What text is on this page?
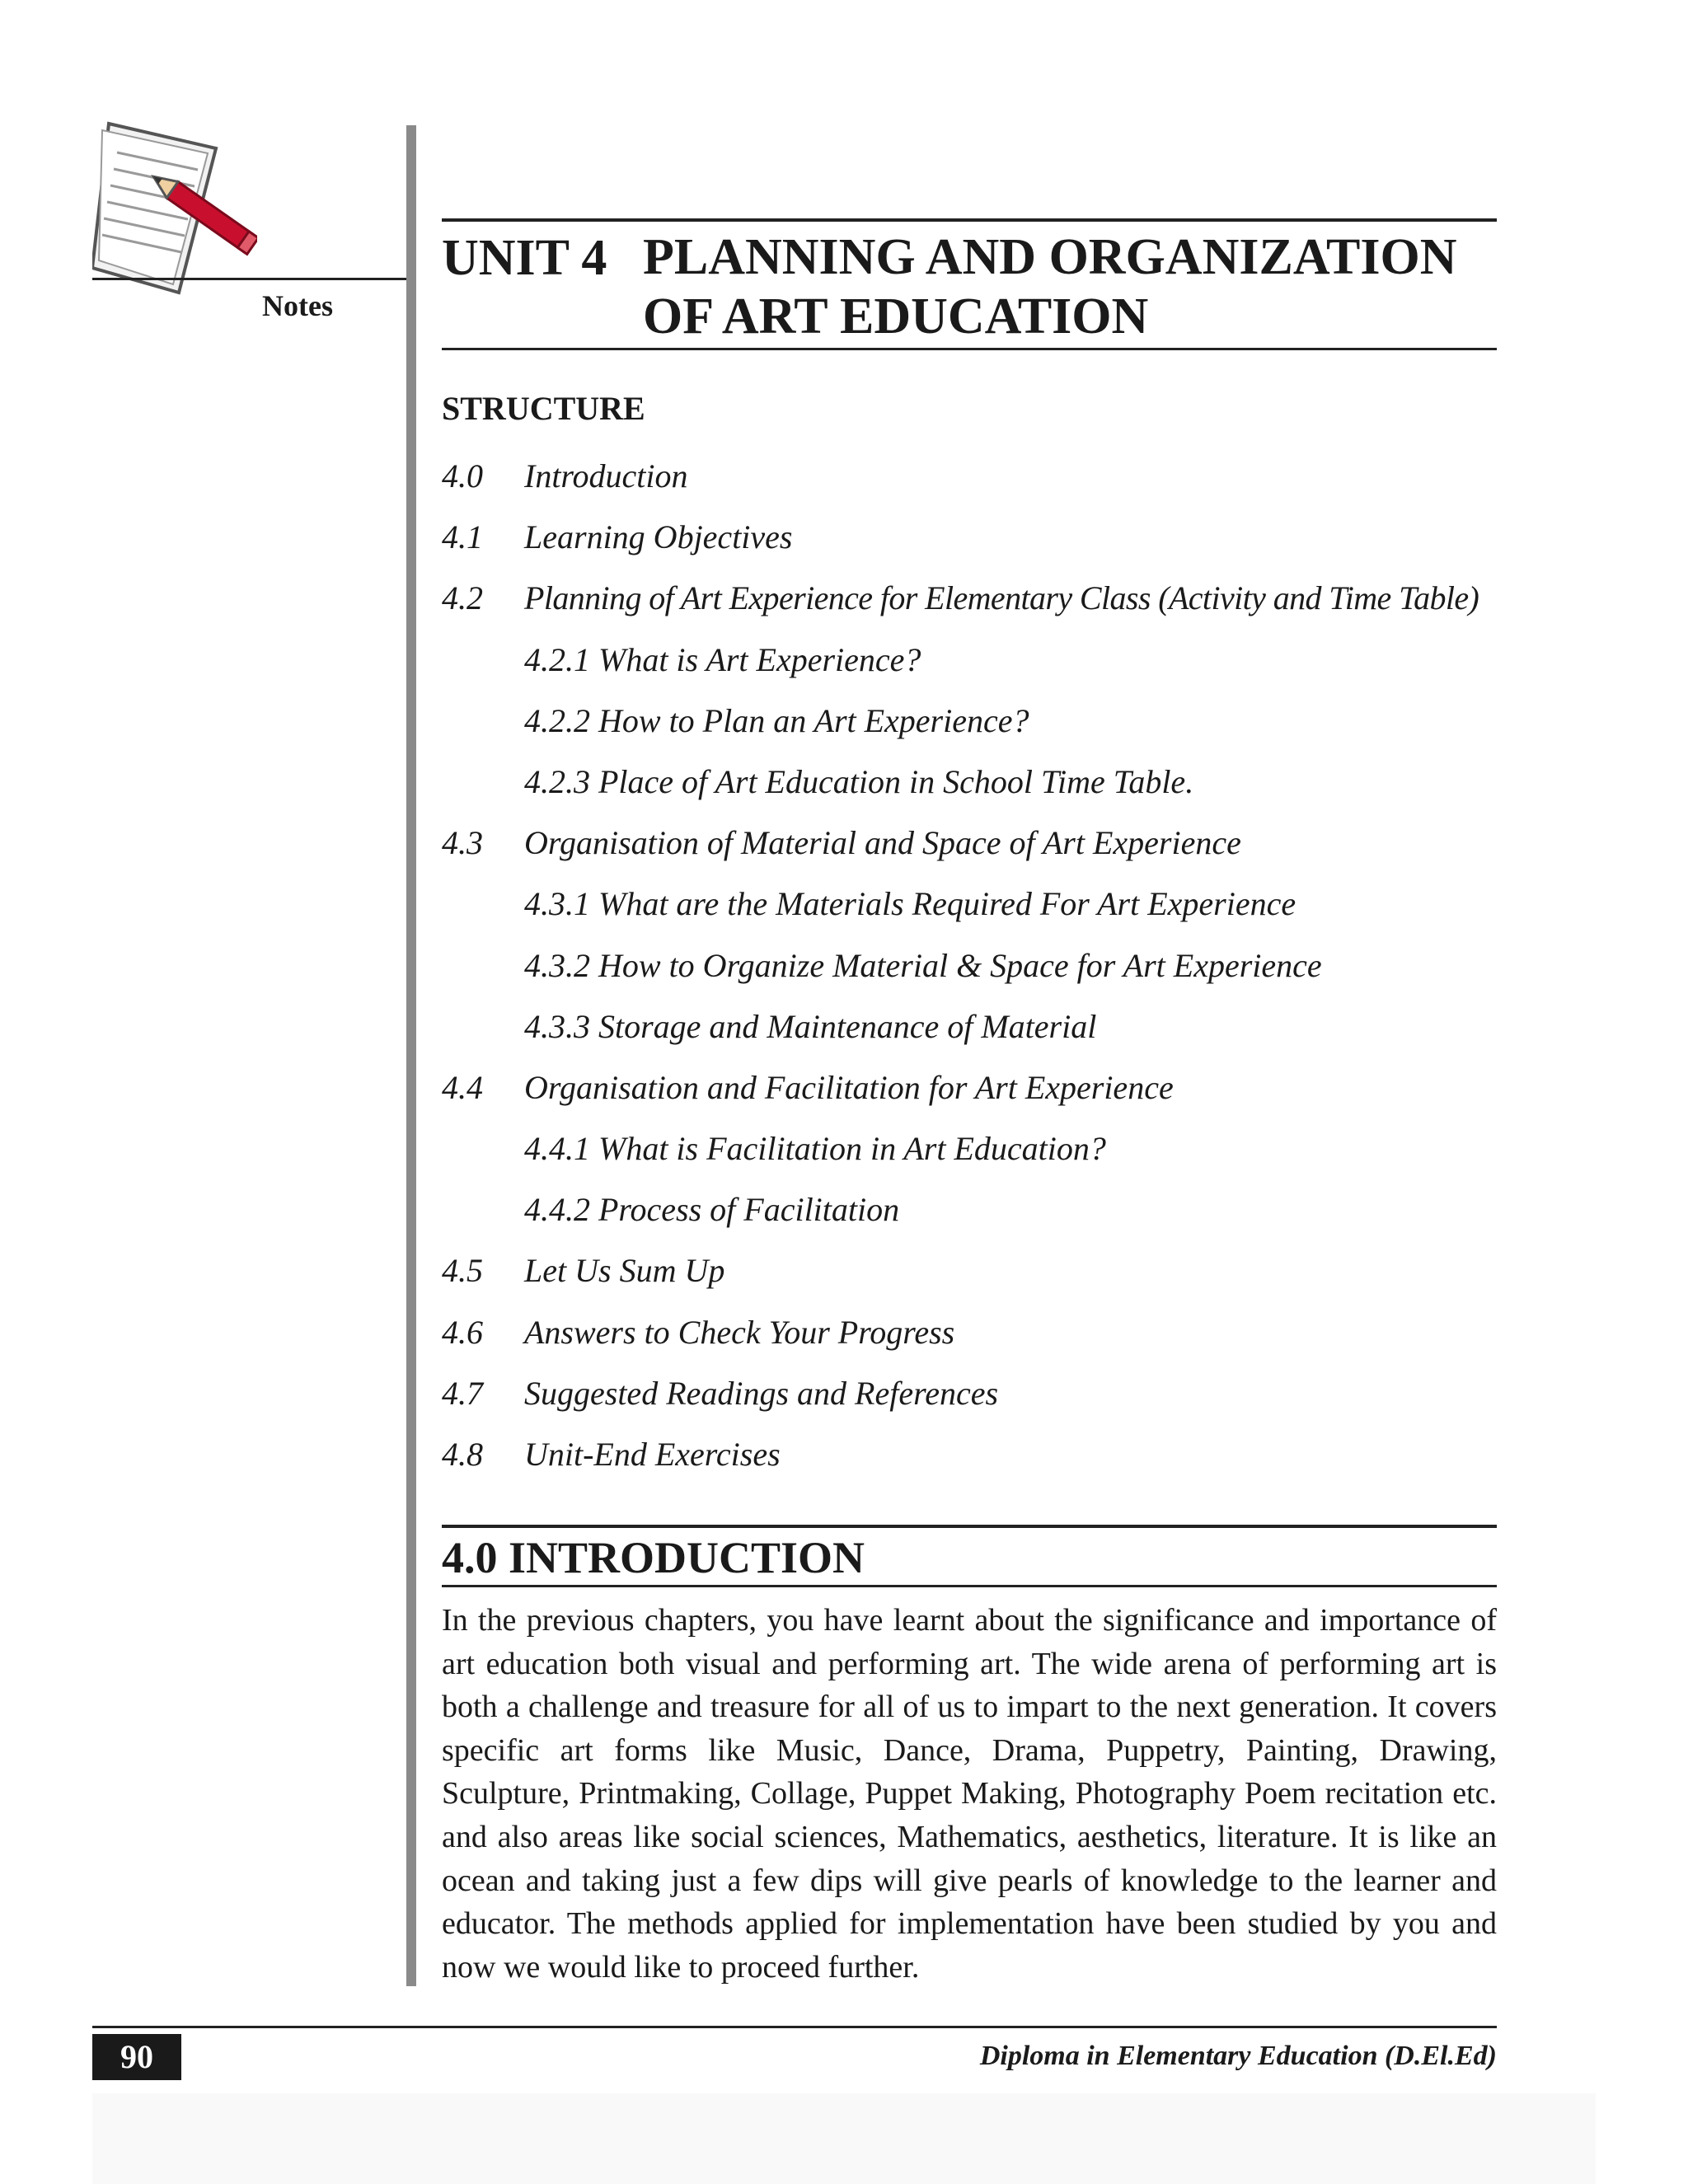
Notes
UNIT 4 PLANNING AND ORGANIZATION
OF ART EDUCATION
STRUCTURE
4.0 Introduction
4.1 Learning Objectives
4.2 Planning of Art Experience for Elementary Class (Activity and Time Table)
4.2.1 What is Art Experience?
4.2.2 How to Plan an Art Experience?
4.2.3 Place of Art Education in School Time Table.
4.3 Organisation of Material and Space of Art Experience
4.3.1 What are the Materials Required For Art Experience
4.3.2 How to Organize Material & Space for Art Experience
4.3.3 Storage and Maintenance of Material
4.4 Organisation and Facilitation for Art Experience
4.4.1 What is Facilitation in Art Education?
4.4.2 Process of Facilitation
4.5 Let Us Sum Up
4.6 Answers to Check Your Progress
4.7 Suggested Readings and References
4.8 Unit-End Exercises
4.0 INTRODUCTION

In the previous chapters, you have learnt about the significance and importance of art education both visual and performing art. The wide arena of performing art is both a challenge and treasure for all of us to impart to the next generation. It covers specific art forms like Music, Dance, Drama, Puppetry, Painting, Drawing, Sculpture, Printmaking, Collage, Puppet Making, Photography Poem recitation etc. and also areas like social sciences, Mathematics, aesthetics, literature. It is like an ocean and taking just a few dips will give pearls of knowledge to the learner and educator. The methods applied for implementation have been studied by you and now we would like to proceed further.

90	Diploma in Elementary Education (D.El.Ed)
